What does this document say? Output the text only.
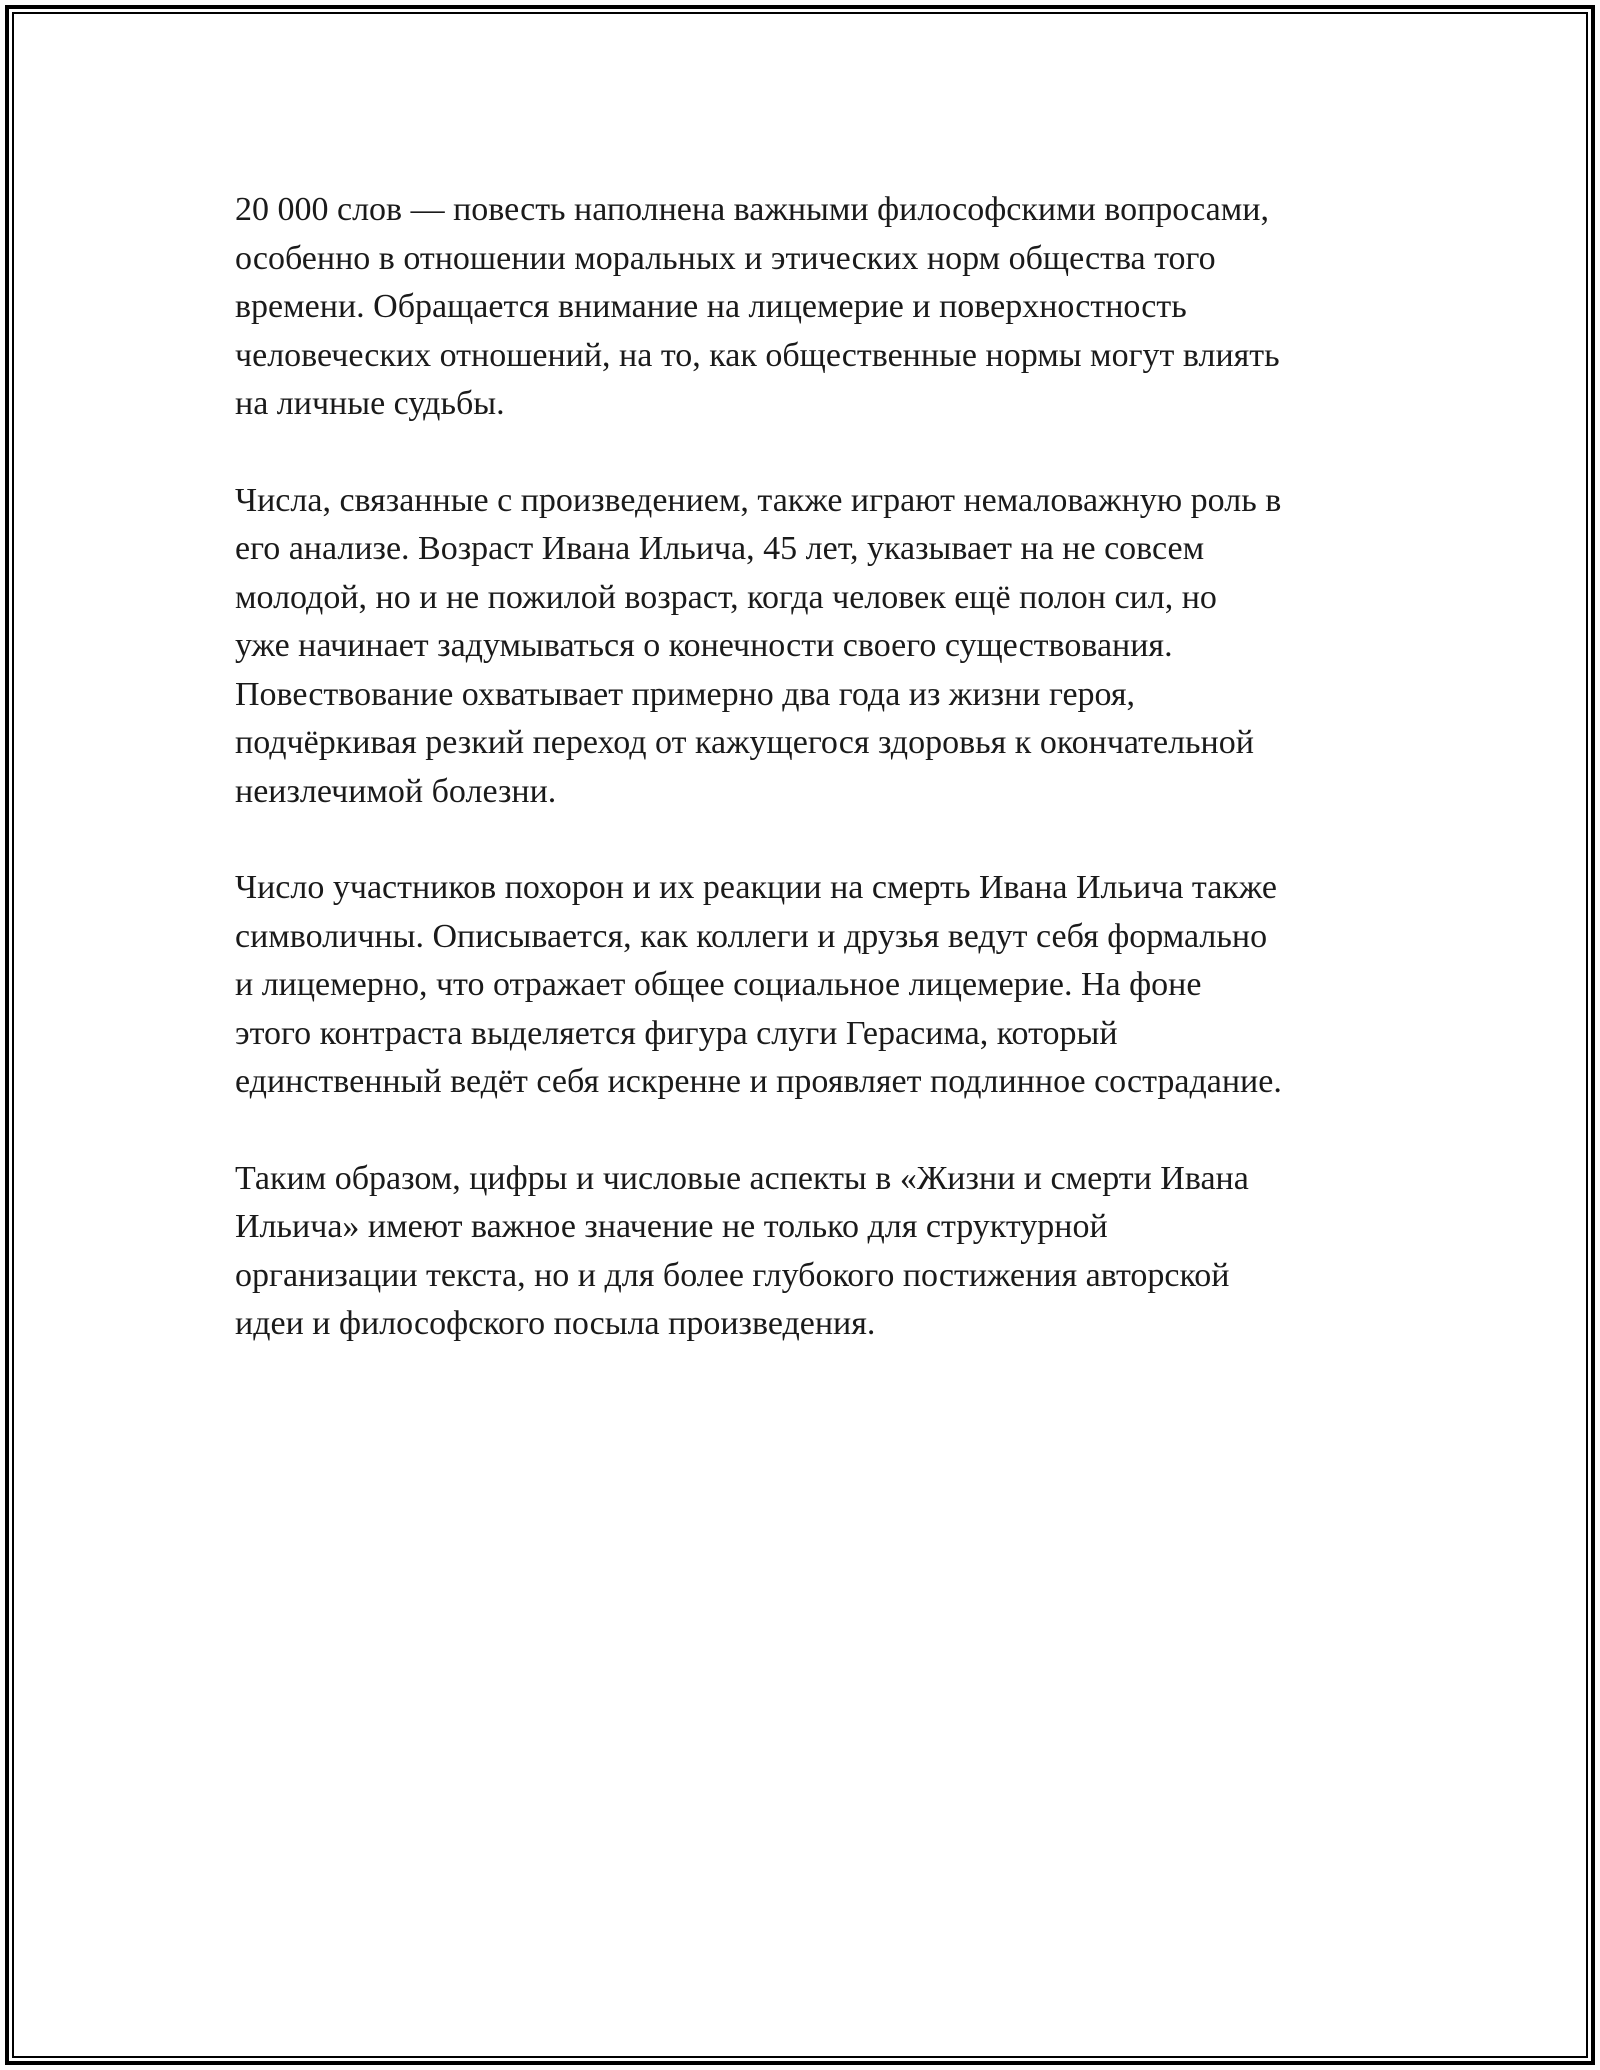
20 000 слов — повесть наполнена важными философскими вопросами,
особенно в отношении моральных и этических норм общества того
времени. Обращается внимание на лицемерие и поверхностность
человеческих отношений, на то, как общественные нормы могут влиять
на личные судьбы.

Числа, связанные с произведением, также играют немаловажную роль в
его анализе. Возраст Ивана Ильича, 45 лет, указывает на не совсем
молодой, но и не пожилой возраст, когда человек ещё полон сил, но
уже начинает задумываться о конечности своего существования.
Повествование охватывает примерно два года из жизни героя,
подчёркивая резкий переход от кажущегося здоровья к окончательной
неизлечимой болезни.

Число участников похорон и их реакции на смерть Ивана Ильича также
символичны. Описывается, как коллеги и друзья ведут себя формально
и лицемерно, что отражает общее социальное лицемерие. На фоне
этого контраста выделяется фигура слуги Герасима, который
единственный ведёт себя искренне и проявляет подлинное сострадание.

Таким образом, цифры и числовые аспекты в «Жизни и смерти Ивана
Ильича» имеют важное значение не только для структурной
организации текста, но и для более глубокого постижения авторской
идеи и философского посыла произведения.
